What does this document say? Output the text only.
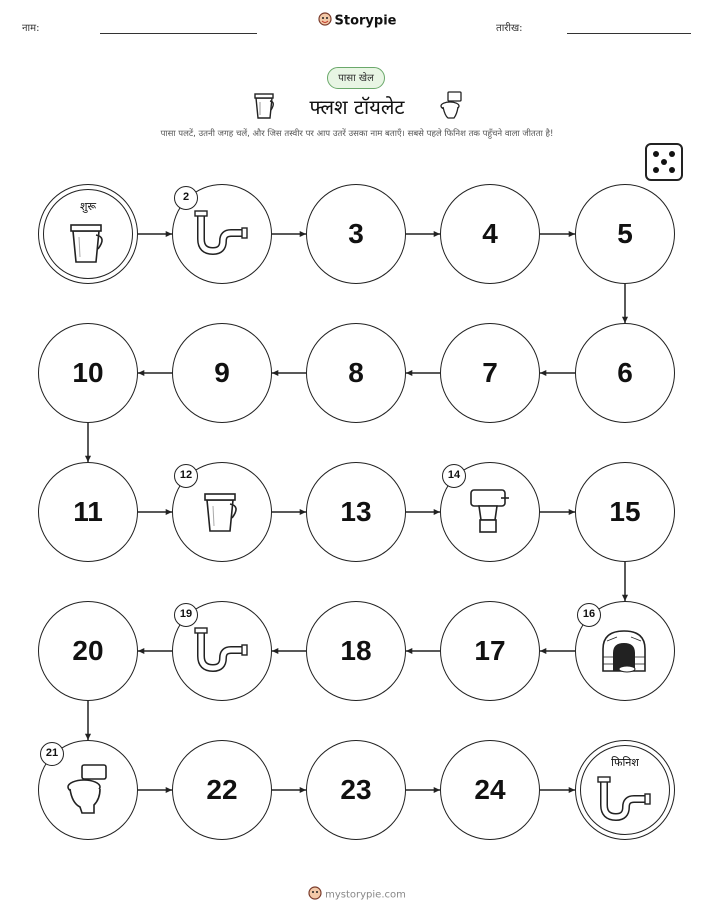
नाम:	Storypie	तारीख:
पासा खेल
फ्लश टॉयलेट
पासा पलटें, उतनी जगह चलें, और जिस तस्वीर पर आप उतरें उसका नाम बताएँ। सबसे पहले फिनिश तक पहुँचने वाला जीतता है!
शुरू
2
3	4	5
6
7
8
9
10
11
12
13
14
15
16
17
18
19
20
21
22	23	24
फिनिश
mystorypie.com
